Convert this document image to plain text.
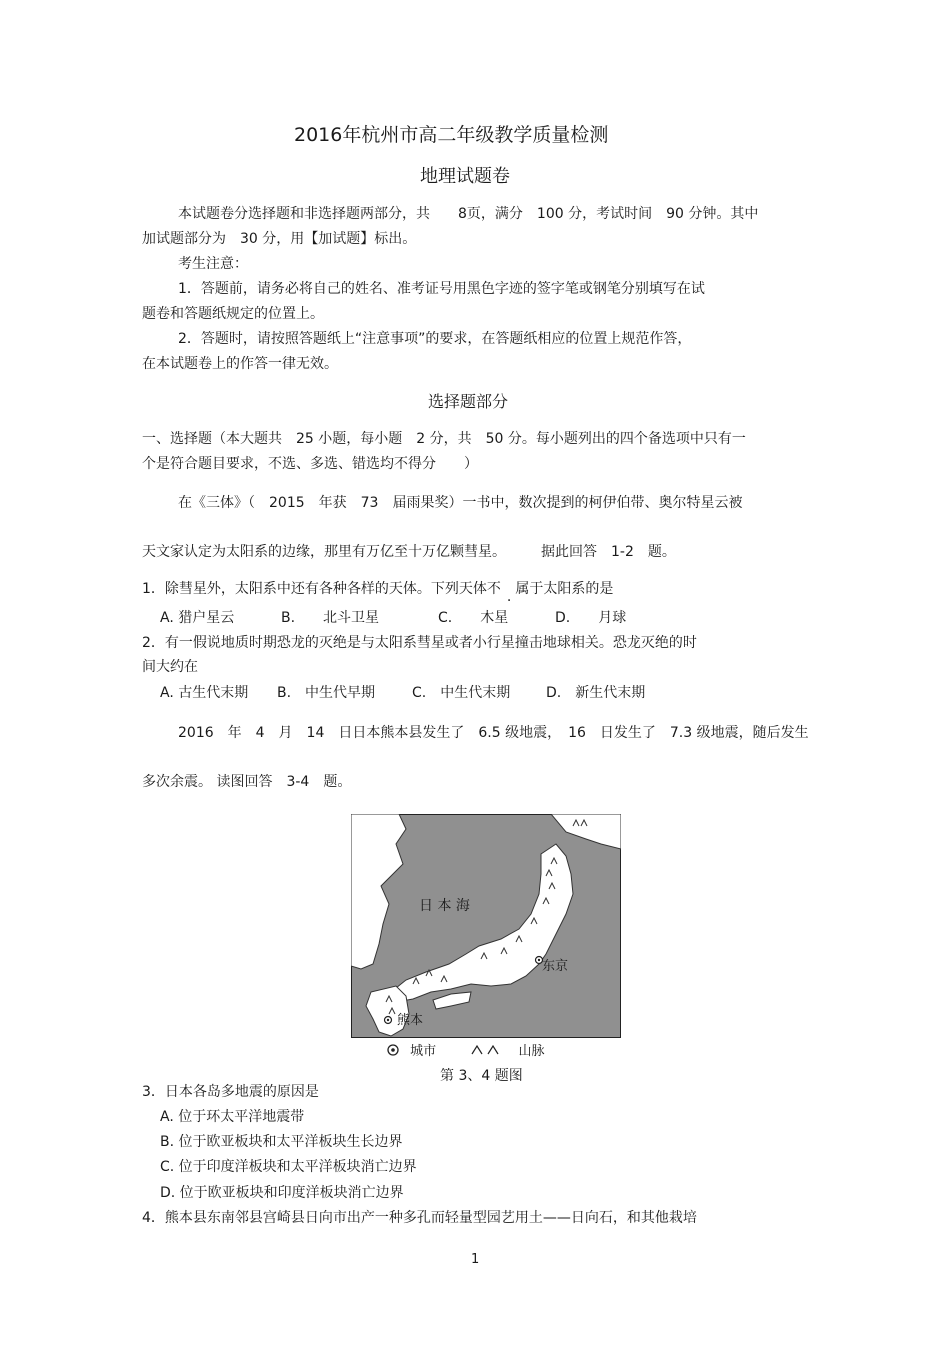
2016年杭州市高二年级教学质量检测
地理试题卷
本试题卷分选择题和非选择题两部分，共　　8页，满分　100 分，考试时间　90 分钟。其中
加试题部分为　30 分，用【加试题】标出。
考生注意：
1．答题前，请务必将自己的姓名、准考证号用黑色字迹的签字笔或钢笔分别填写在试
题卷和答题纸规定的位置上。
2．答题时，请按照答题纸上“注意事项”的要求，在答题纸相应的位置上规范作答，
在本试题卷上的作答一律无效。
选择题部分
一、选择题（本大题共　25 小题，每小题　2 分，共　50 分。每小题列出的四个备选项中只有一
个是符合题目要求，不选、多选、错选均不得分　　）
在《三体》（　2015　年获　73　届雨果奖）一书中，数次提到的柯伊伯带、奥尔特星云被
天文家认定为太阳系的边缘，那里有万亿至十万亿颗彗星。　　　据此回答　1-2　题。
1．除彗星外，太阳系中还有各种各样的天体。下列天体不 . 属于太阳系的是
A. 猎户星云	B.　　北斗卫星	C.　　木星	D.　　月球
2．有一假说地质时期恐龙的灭绝是与太阳系彗星或者小行星撞击地球相关。恐龙灭绝的时
间大约在
A. 古生代末期 B.　中生代早期	C.　中生代末期	D.　新生代末期
2016　年　4　月　14　日日本熊本县发生了　6.5 级地震，　16　日发生了　7.3 级地震，随后发生
多次余震。 读图回答　3-4　题。
日 本 海
东京
熊本
城市	山脉
第 3、4 题图
3．日本各岛多地震的原因是
A. 位于环太平洋地震带
B. 位于欧亚板块和太平洋板块生长边界
C. 位于印度洋板块和太平洋板块消亡边界
D. 位于欧亚板块和印度洋板块消亡边界
4．熊本县东南邻县宫崎县日向市出产一种多孔而轻量型园艺用土——日向石，和其他栽培
1
